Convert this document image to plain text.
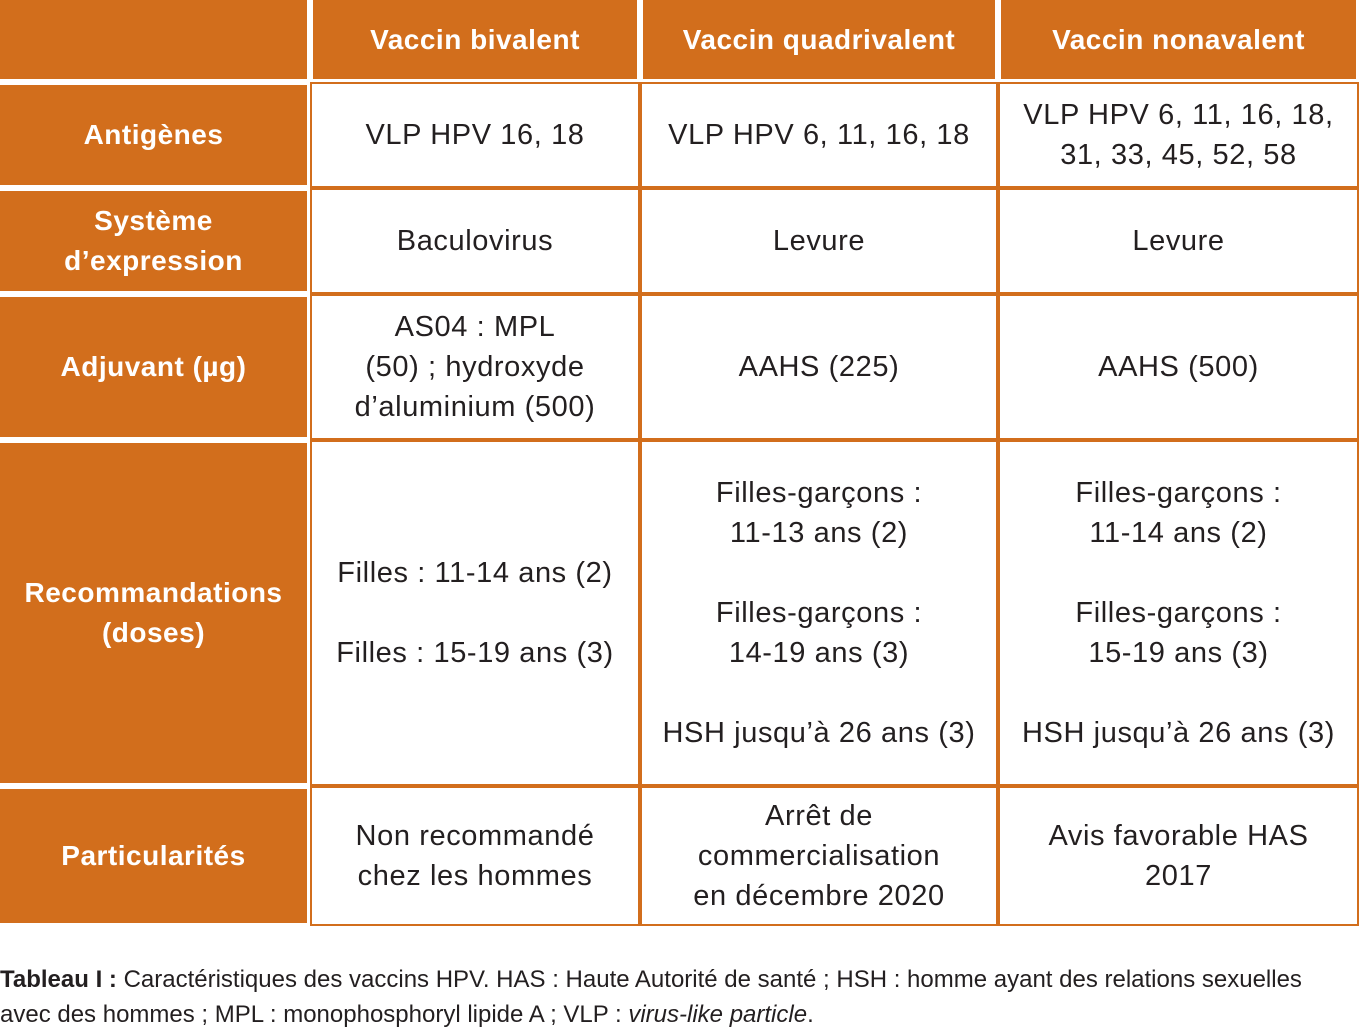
	Vaccin bivalent	Vaccin quadrivalent	Vaccin nonavalent
Antigènes	VLP HPV 16, 18	VLP HPV 6, 11, 16, 18	VLP HPV 6, 11, 16, 18,
31, 33, 45, 52, 58

Système
d’expression	Baculovirus	Levure	Levure
Adjuvant (µg)	AS04 : MPL
(50) ; hydroxyde
d’aluminium (500)	AAHS (225)	AAHS (500)

Recommandations
(doses)	Filles : 11-14 ans (2)
Filles : 15-19 ans (3)	Filles-garçons :
11-13 ans (2)
Filles-garçons :
14-19 ans (3)
HSH jusqu’à 26 ans (3)	Filles-garçons :
11-14 ans (2)
Filles-garçons :
15-19 ans (3)
HSH jusqu’à 26 ans (3)

Particularités	Non recommandé
chez les hommes	Arrêt de
commercialisation
en décembre 2020	Avis favorable HAS
2017
Tableau I : Caractéristiques des vaccins HPV. HAS : Haute Autorité de santé ; HSH : homme ayant des relations sexuelles avec des hommes ; MPL : monophosphoryl lipide A ; VLP : virus-like particle.
